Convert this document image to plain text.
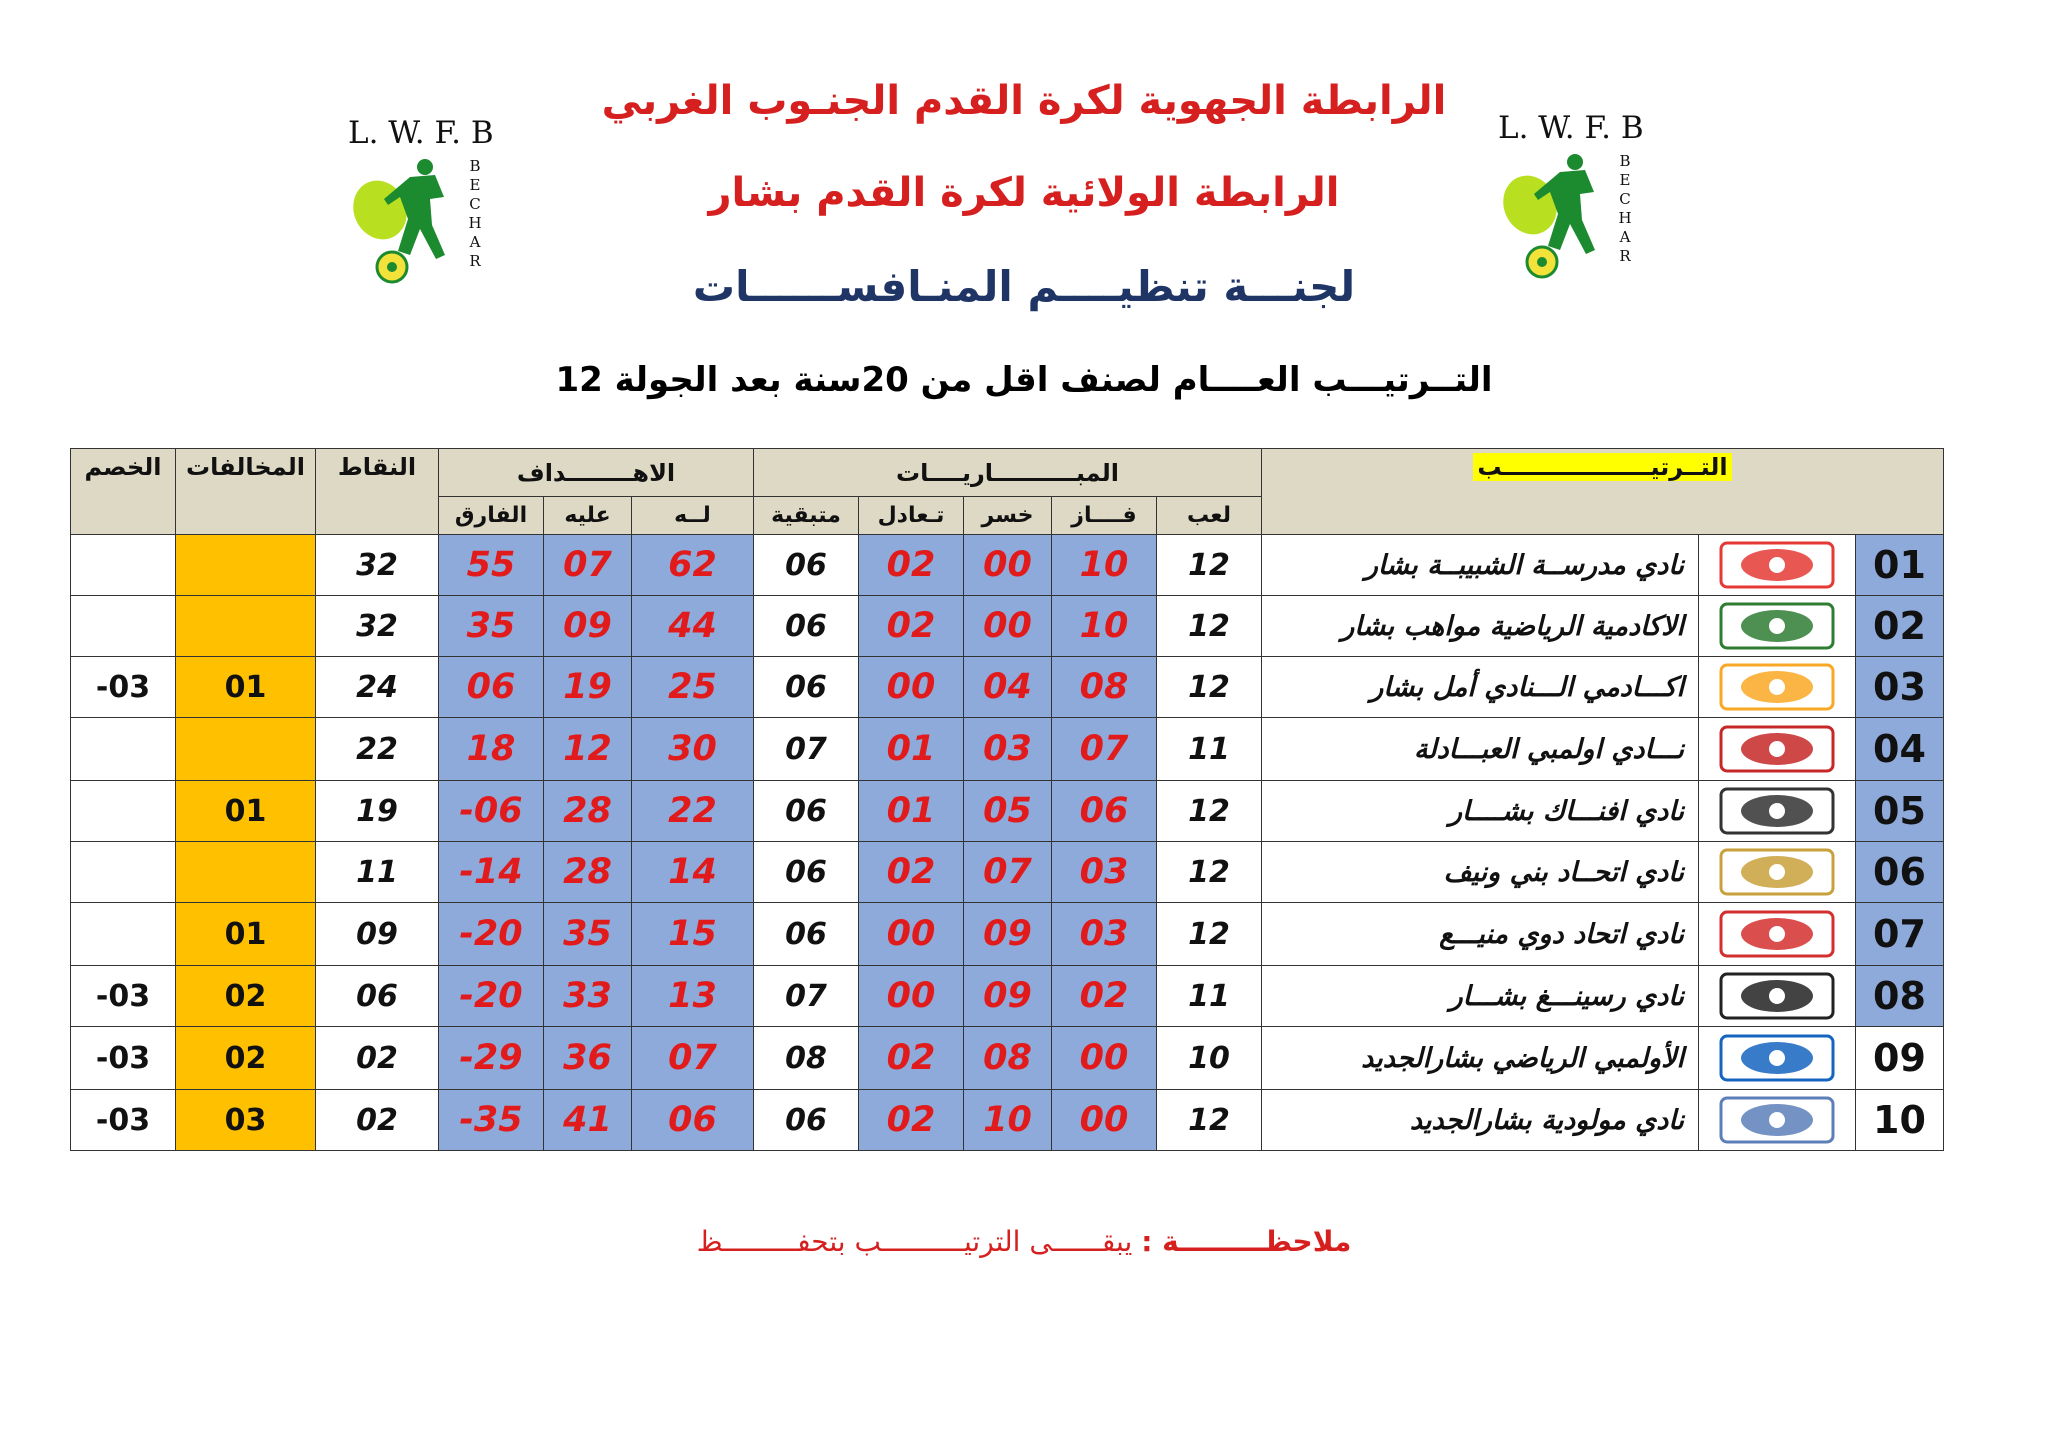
الرابطة الجهوية لكرة القدم الجنـوب الغربي
الرابطة الولائية لكرة القدم بشار
لجنـــة تنظيــــم المنـافســــــات
التــرتيـــب العــــام لصنف اقل من 20سنة بعد الجولة 12
L. W. F. B
B
E
C
H
A
R
L. W. F. B
B
E
C
H
A
R
الخصم	المخالفات	النقاط	الاهــــــــداف			المبــــــــــاريــــات					التــرتيــــــــــــــــــب		
			الفارق	عليه	لــه	متبقية	تـعادل	خسر	فــــاز	لعب			
		32	55	07	62	06	02	00	10	12	نادي مدرســة الشبيبــة بشار		01
		32	35	09	44	06	02	00	10	12	الاكادمية الرياضية مواهب بشار		02
-03	01	24	06	19	25	06	00	04	08	12	اكـــادمي الـــنادي أمل بشار		03
		22	18	12	30	07	01	03	07	11	نـــادي اولمبي العبـــادلة		04
	01	19	-06	28	22	06	01	05	06	12	نادي افنـــاك بشــــار		05
		11	-14	28	14	06	02	07	03	12	نادي اتحــاد بني ونيف		06
	01	09	-20	35	15	06	00	09	03	12	نادي اتحاد دوي منيـــع		07
-03	02	06	-20	33	13	07	00	09	02	11	نادي رسينـــغ بشـــار		08
-03	02	02	-29	36	07	08	02	08	00	10	الأولمبي الرياضي بشارالجديد		09
-03	03	02	-35	41	06	06	02	10	00	12	نادي مولودية بشارالجديد		10
ملاحظـــــــــة : يبقــــــى الترتيــــــــــب بتحفـــــــــظ
